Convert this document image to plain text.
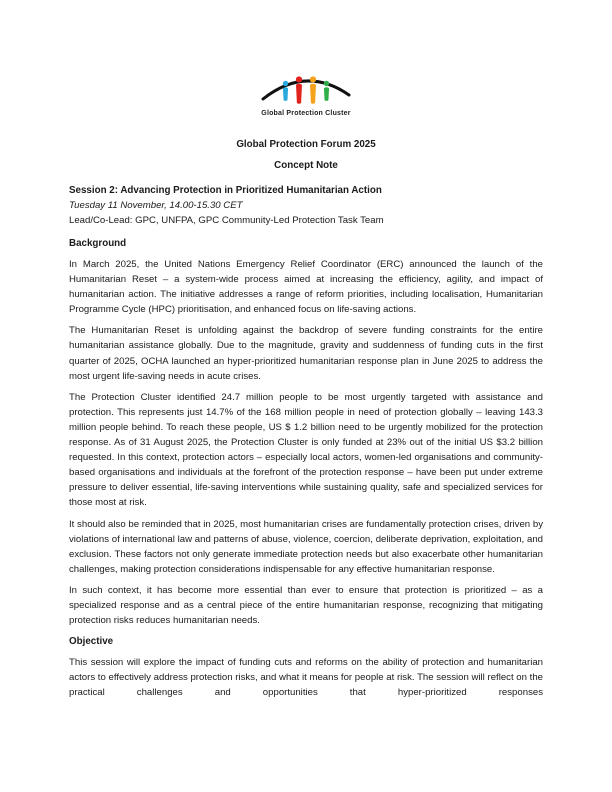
Global Protection Cluster
Global Protection Forum 2025
Concept Note
Session 2: Advancing Protection in Prioritized Humanitarian Action
Tuesday 11 November, 14.00-15.30 CET
Lead/Co-Lead: GPC, UNFPA, GPC Community-Led Protection Task Team
Background

In March 2025, the United Nations Emergency Relief Coordinator (ERC) announced the launch of the Humanitarian Reset – a system-wide process aimed at increasing the efficiency, agility, and impact of humanitarian action. The initiative addresses a range of reform priorities, including localisation, Humanitarian Programme Cycle (HPC) prioritisation, and enhanced focus on life-saving actions.

The Humanitarian Reset is unfolding against the backdrop of severe funding constraints for the entire humanitarian assistance globally. Due to the magnitude, gravity and suddenness of funding cuts in the first quarter of 2025, OCHA launched an hyper-prioritized humanitarian response plan in June 2025 to address the most urgent life-saving needs in acute crises.

The Protection Cluster identified 24.7 million people to be most urgently targeted with assistance and protection. This represents just 14.7% of the 168 million people in need of protection globally – leaving 143.3 million people behind. To reach these people, US $ 1.2 billion need to be urgently mobilized for the protection response. As of 31 August 2025, the Protection Cluster is only funded at 23% out of the initial US $3.2 billion requested. In this context, protection actors – especially local actors, women-led organisations and community-based organisations and individuals at the forefront of the protection response – have been put under extreme pressure to deliver essential, life-saving interventions while sustaining quality, safe and specialized services for those most at risk.

It should also be reminded that in 2025, most humanitarian crises are fundamentally protection crises, driven by violations of international law and patterns of abuse, violence, coercion, deliberate deprivation, exploitation, and exclusion. These factors not only generate immediate protection needs but also exacerbate other humanitarian challenges, making protection considerations indispensable for any effective humanitarian response.

In such context, it has become more essential than ever to ensure that protection is prioritized – as a specialized response and as a central piece of the entire humanitarian response, recognizing that mitigating protection risks reduces humanitarian needs.

Objective

This session will explore the impact of funding cuts and reforms on the ability of protection and humanitarian actors to effectively address protection risks, and what it means for people at risk. The session will reflect on the practical challenges and opportunities that hyper-prioritized responses
